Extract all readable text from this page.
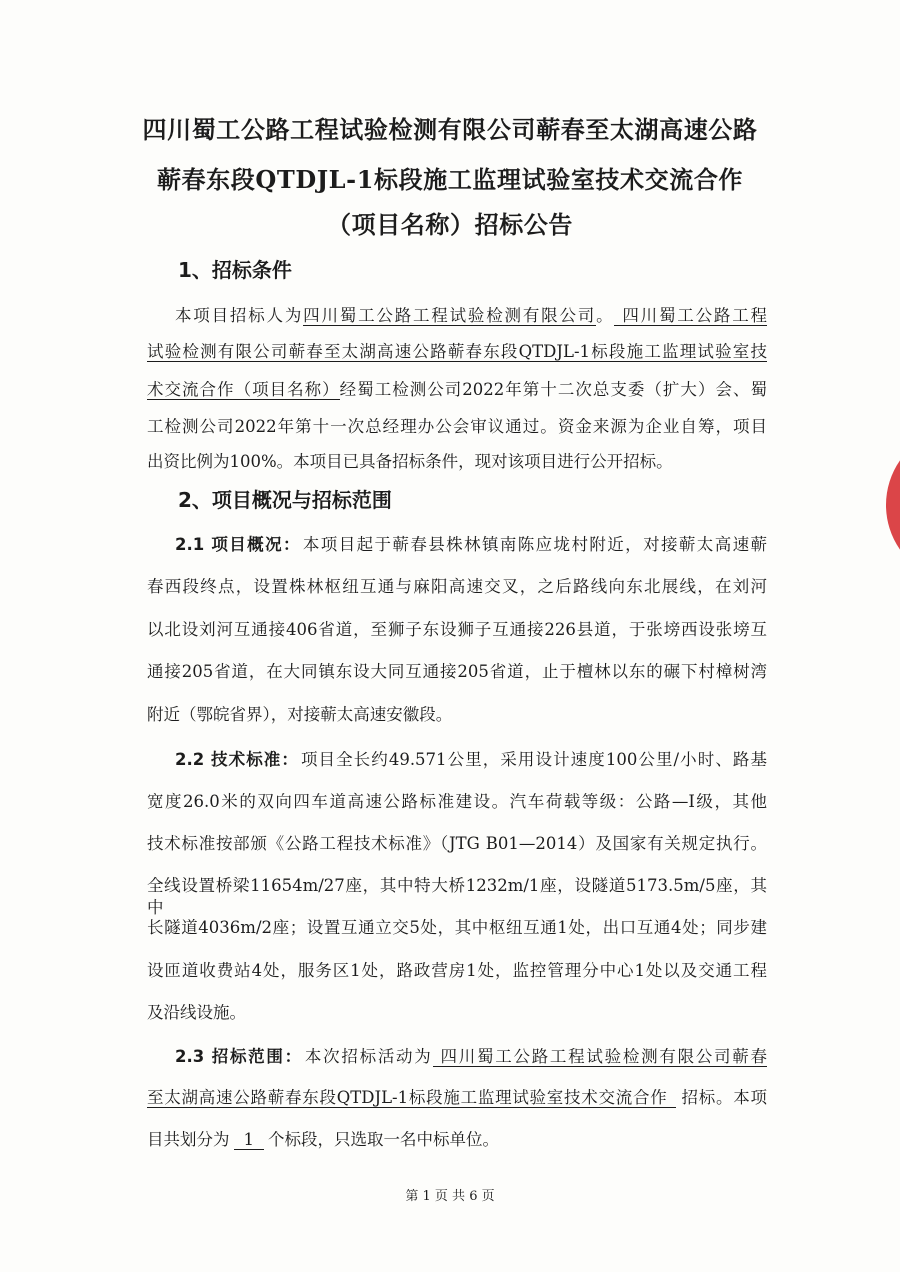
四川蜀工公路工程试验检测有限公司蕲春至太湖高速公路
蕲春东段QTDJL-1标段施工监理试验室技术交流合作
（项目名称）招标公告
1、招标条件
本项目招标人为四川蜀工公路工程试验检测有限公司。 四川蜀工公路工程
试验检测有限公司蕲春至太湖高速公路蕲春东段QTDJL-1标段施工监理试验室技
术交流合作（项目名称）经蜀工检测公司2022年第十二次总支委（扩大）会、蜀
工检测公司2022年第十一次总经理办公会审议通过。资金来源为企业自筹，项目
出资比例为100%。本项目已具备招标条件，现对该项目进行公开招标。
2、项目概况与招标范围
2.1 项目概况： 本项目起于蕲春县株林镇南陈应垅村附近，对接蕲太高速蕲
春西段终点，设置株林枢纽互通与麻阳高速交叉，之后路线向东北展线，在刘河
以北设刘河互通接406省道，至狮子东设狮子互通接226县道，于张塝西设张塝互
通接205省道，在大同镇东设大同互通接205省道，止于檀林以东的碾下村樟树湾
附近（鄂皖省界），对接蕲太高速安徽段。
2.2 技术标准： 项目全长约49.571公里，采用设计速度100公里/小时、路基
宽度26.0米的双向四车道高速公路标准建设。汽车荷载等级：公路—I级，其他
技术标准按部颁《公路工程技术标准》（JTG B01—2014）及国家有关规定执行。
全线设置桥梁11654m/27座，其中特大桥1232m/1座，设隧道5173.5m/5座，其中
长隧道4036m/2座；设置互通立交5处，其中枢纽互通1处，出口互通4处；同步建
设匝道收费站4处，服务区1处，路政营房1处，监控管理分中心1处以及交通工程
及沿线设施。
2.3 招标范围： 本次招标活动为 四川蜀工公路工程试验检测有限公司蕲春
至太湖高速公路蕲春东段QTDJL-1标段施工监理试验室技术交流合作 招标。本项
目共划分为 1 个标段，只选取一名中标单位。
第 1 页 共 6 页
